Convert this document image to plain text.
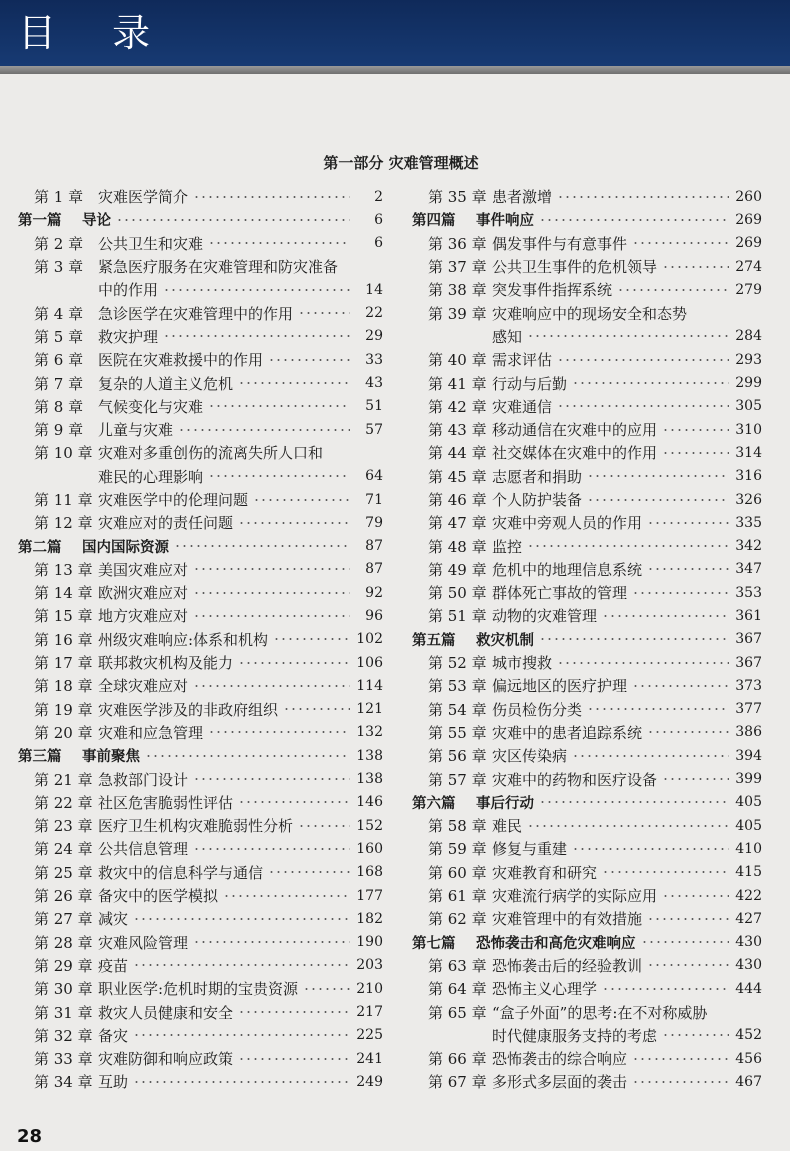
目 录
第一部分 灾难管理概述
第 1 章 灾难医学简介	2
第一篇	导论	6
第 2 章 公共卫生和灾难	6
第 3 章 紧急医疗服务在灾难管理和防灾准备
中的作用	14
第 4 章 急诊医学在灾难管理中的作用	22
第 5 章 救灾护理	29
第 6 章 医院在灾难救援中的作用	33
第 7 章 复杂的人道主义危机	43
第 8 章 气候变化与灾难	51
第 9 章 儿童与灾难	57
第 10 章 灾难对多重创伤的流离失所人口和
难民的心理影响	64
第 11 章 灾难医学中的伦理问题	71
第 12 章 灾难应对的责任问题	79
第二篇	国内国际资源	87
第 13 章 美国灾难应对	87
第 14 章 欧洲灾难应对	92
第 15 章 地方灾难应对	96
第 16 章 州级灾难响应:体系和机构	102
第 17 章 联邦救灾机构及能力	106
第 18 章 全球灾难应对	114
第 19 章 灾难医学涉及的非政府组织	121
第 20 章 灾难和应急管理	132
第三篇	事前聚焦	138
第 21 章 急救部门设计	138
第 22 章 社区危害脆弱性评估	146
第 23 章 医疗卫生机构灾难脆弱性分析	152
第 24 章 公共信息管理	160
第 25 章 救灾中的信息科学与通信	168
第 26 章 备灾中的医学模拟	177
第 27 章 减灾	182
第 28 章 灾难风险管理	190
第 29 章 疫苗	203
第 30 章 职业医学:危机时期的宝贵资源	210
第 31 章 救灾人员健康和安全	217
第 32 章 备灾	225
第 33 章 灾难防御和响应政策	241
第 34 章 互助	249
第 35 章 患者激增	260
第四篇	事件响应	269
第 36 章 偶发事件与有意事件	269
第 37 章 公共卫生事件的危机领导	274
第 38 章 突发事件指挥系统	279
第 39 章 灾难响应中的现场安全和态势
感知	284
第 40 章 需求评估	293
第 41 章 行动与后勤	299
第 42 章 灾难通信	305
第 43 章 移动通信在灾难中的应用	310
第 44 章 社交媒体在灾难中的作用	314
第 45 章 志愿者和捐助	316
第 46 章 个人防护装备	326
第 47 章 灾难中旁观人员的作用	335
第 48 章 监控	342
第 49 章 危机中的地理信息系统	347
第 50 章 群体死亡事故的管理	353
第 51 章 动物的灾难管理	361
第五篇	救灾机制	367
第 52 章 城市搜救	367
第 53 章 偏远地区的医疗护理	373
第 54 章 伤员检伤分类	377
第 55 章 灾难中的患者追踪系统	386
第 56 章 灾区传染病	394
第 57 章 灾难中的药物和医疗设备	399
第六篇	事后行动	405
第 58 章 难民	405
第 59 章 修复与重建	410
第 60 章 灾难教育和研究	415
第 61 章 灾难流行病学的实际应用	422
第 62 章 灾难管理中的有效措施	427
第七篇	恐怖袭击和高危灾难响应	430
第 63 章 恐怖袭击后的经验教训	430
第 64 章 恐怖主义心理学	444
第 65 章 “盒子外面”的思考:在不对称威胁
时代健康服务支持的考虑	452
第 66 章 恐怖袭击的综合响应	456
第 67 章 多形式多层面的袭击	467
28
